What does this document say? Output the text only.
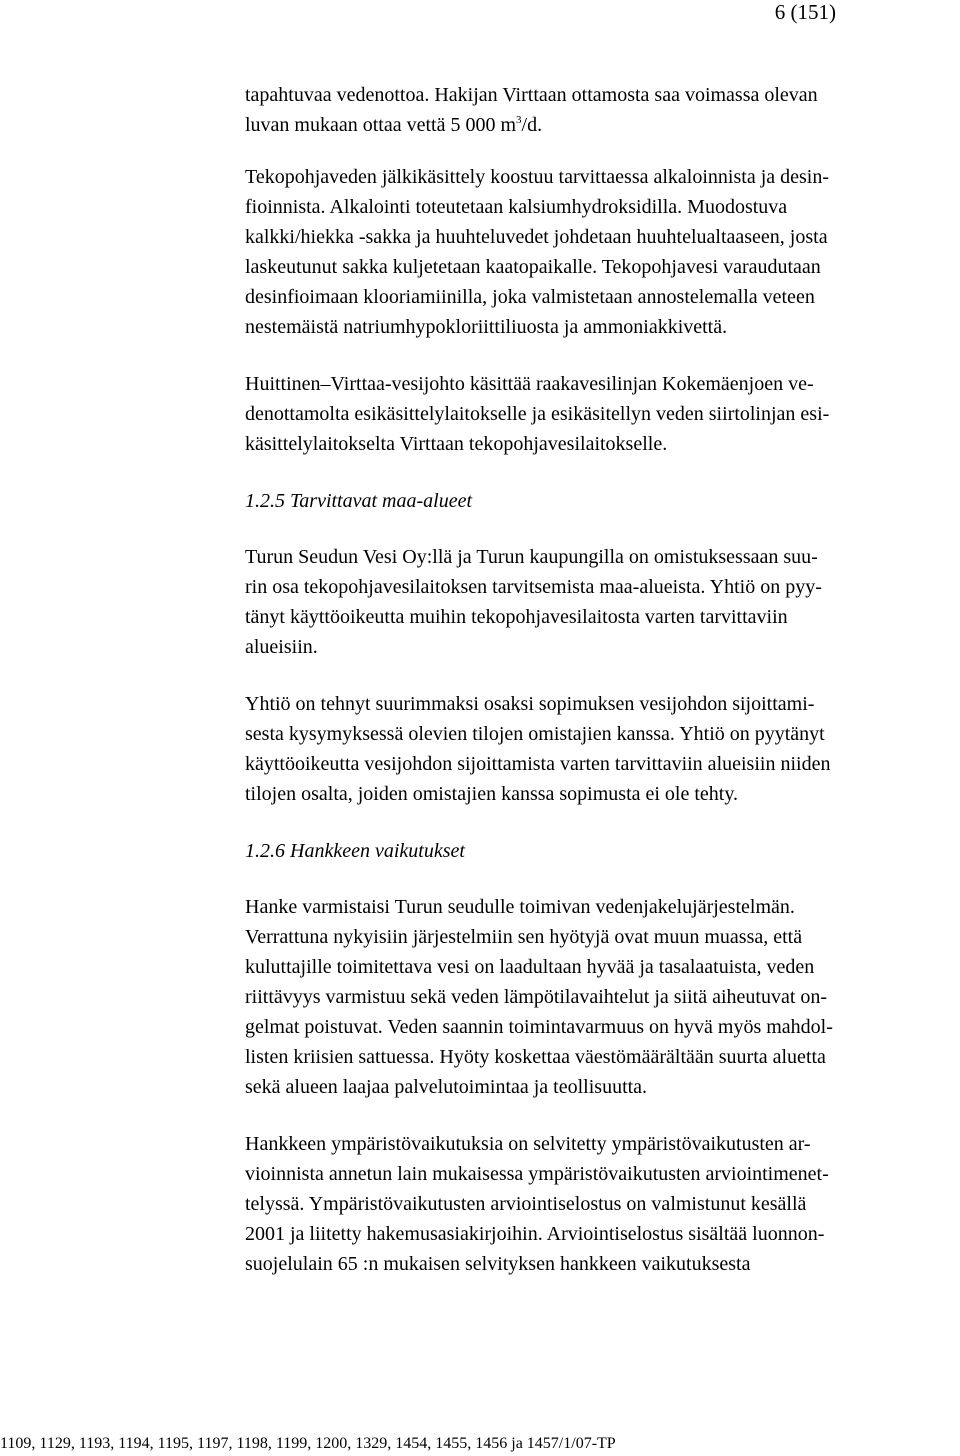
6 (151)
tapahtuvaa vedenottoa. Hakijan Virttaan ottamosta saa voimassa olevan
luvan mukaan ottaa vettä 5 000 $m^3/d$.
Tekopohjaveden jälkikäsittely koostuu tarvittaessa alkaloinnista ja desin-
fioinnista. Alkalointi toteutetaan kalsiumhydroksidilla. Muodostuva
kalkki/hiekka -sakka ja huuhteluvedet johdetaan huuhtelualtaaseen, josta
laskeutunut sakka kuljetetaan kaatopaikalle. Tekopohjavesi varaudutaan
desinfioimaan klooriamiinilla, joka valmistetaan annostelemalla veteen
nestemäistä natriumhypokloriittiliuosta ja ammoniakkivettä.
Huittinen–Virttaa-vesijohto käsittää raakavesilinjan Kokemäenjoen ve-
denottamolta esikäsittelylaitokselle ja esikäsitellyn veden siirtolinjan esi-
käsittelylaitokselta Virttaan tekopohjavesilaitokselle.
1.2.5 Tarvittavat maa-alueet
Turun Seudun Vesi Oy:llä ja Turun kaupungilla on omistuksessaan suu-
rin osa tekopohjavesilaitoksen tarvitsemista maa-alueista. Yhtiö on pyy-
tänyt käyttöoikeutta muihin tekopohjavesilaitosta varten tarvittaviin
alueisiin.
Yhtiö on tehnyt suurimmaksi osaksi sopimuksen vesijohdon sijoittami-
sesta kysymyksessä olevien tilojen omistajien kanssa. Yhtiö on pyytänyt
käyttöoikeutta vesijohdon sijoittamista varten tarvittaviin alueisiin niiden
tilojen osalta, joiden omistajien kanssa sopimusta ei ole tehty.
1.2.6 Hankkeen vaikutukset
Hanke varmistaisi Turun seudulle toimivan vedenjakelujärjestelmän.
Verrattuna nykyisiin järjestelmiin sen hyötyjä ovat muun muassa, että
kuluttajille toimitettava vesi on laadultaan hyvää ja tasalaatuista, veden
riittävyys varmistuu sekä veden lämpötilavaihtelut ja siitä aiheutuvat on-
gelmat poistuvat. Veden saannin toimintavarmuus on hyvä myös mahdol-
listen kriisien sattuessa. Hyöty koskettaa väestömäärältään suurta aluetta
sekä alueen laajaa palvelutoimintaa ja teollisuutta.
Hankkeen ympäristövaikutuksia on selvitetty ympäristövaikutusten ar-
vioinnista annetun lain mukaisessa ympäristövaikutusten arviointimenet-
telyssä. Ympäristövaikutusten arviointiselostus on valmistunut kesällä
2001 ja liitetty hakemusasiakirjoihin. Arviointiselostus sisältää luonnon-
suojelulain 65 :n mukaisen selvityksen hankkeen vaikutuksesta
1109, 1129, 1193, 1194, 1195, 1197, 1198, 1199, 1200, 1329, 1454, 1455, 1456 ja 1457/1/07-TP
